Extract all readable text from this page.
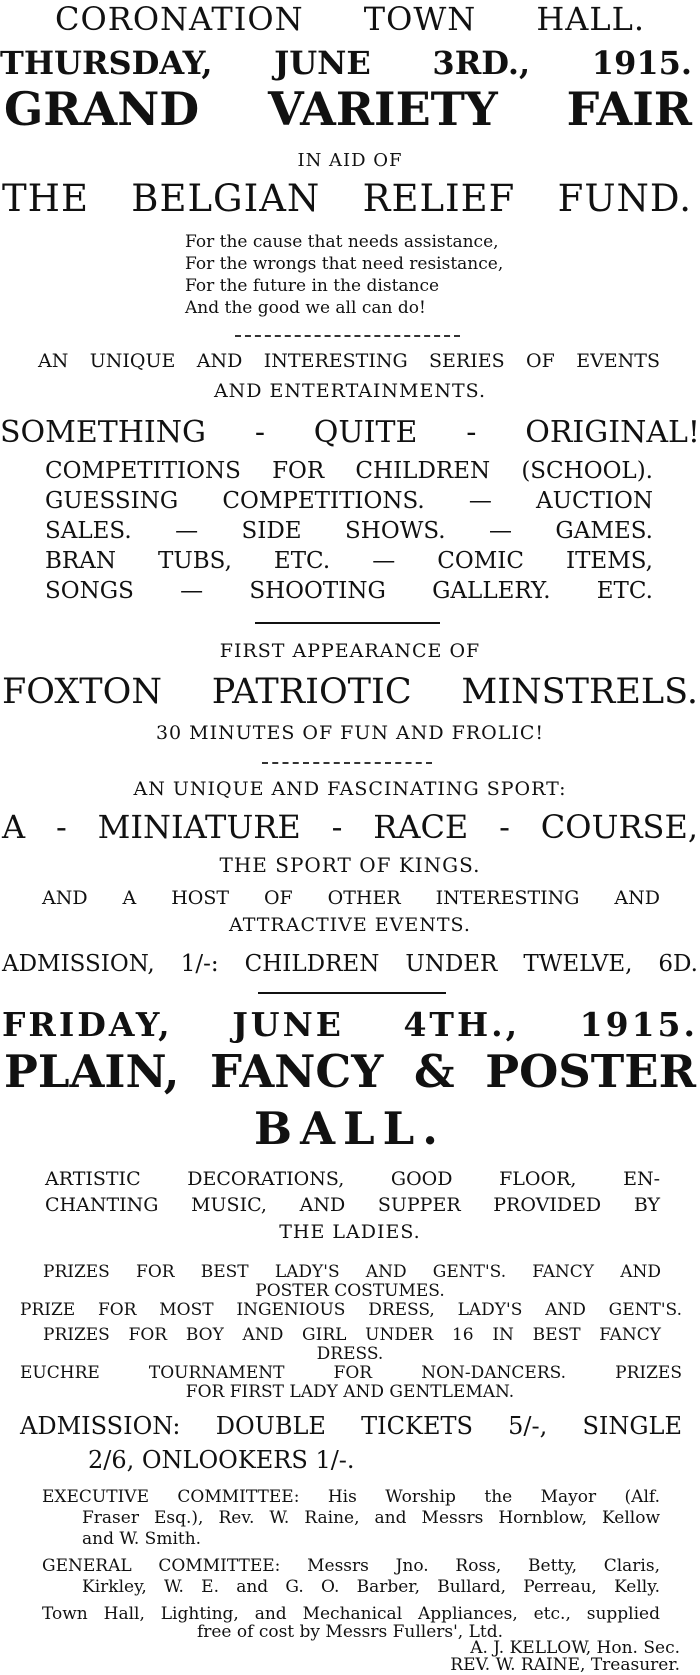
CORONATION TOWN HALL.

THURSDAY, JUNE 3RD., 1915.

GRAND VARIETY FAIR

IN AID OF

THE BELGIAN RELIEF FUND.

For the cause that needs assistance,

For the wrongs that need resistance,

For the future in the distance

And the good we all can do!

AN UNIQUE AND INTERESTING SERIES OF EVENTS

AND ENTERTAINMENTS.

SOMETHING - QUITE - ORIGINAL!

COMPETITIONS FOR CHILDREN (SCHOOL).

GUESSING COMPETITIONS. — AUCTION

SALES. — SIDE SHOWS. — GAMES.

BRAN TUBS, ETC. — COMIC ITEMS,

SONGS — SHOOTING GALLERY. ETC.

FIRST APPEARANCE OF

FOXTON PATRIOTIC MINSTRELS.

30 MINUTES OF FUN AND FROLIC!

AN UNIQUE AND FASCINATING SPORT:

A - MINIATURE - RACE - COURSE,

THE SPORT OF KINGS.

AND A HOST OF OTHER INTERESTING AND

ATTRACTIVE EVENTS.

ADMISSION, 1/-: CHILDREN UNDER TWELVE, 6D.

FRIDAY, JUNE 4TH., 1915.

PLAIN, FANCY & POSTER

BALL.

ARTISTIC DECORATIONS, GOOD FLOOR, EN-

CHANTING MUSIC, AND SUPPER PROVIDED BY

THE LADIES.

PRIZES FOR BEST LADY'S AND GENT'S. FANCY AND

POSTER COSTUMES.

PRIZE FOR MOST INGENIOUS DRESS, LADY'S AND GENT'S.

PRIZES FOR BOY AND GIRL UNDER 16 IN BEST FANCY

DRESS.

EUCHRE TOURNAMENT FOR NON-DANCERS. PRIZES

FOR FIRST LADY AND GENTLEMAN.

ADMISSION: DOUBLE TICKETS 5/-, SINGLE

2/6, ONLOOKERS 1/-.

EXECUTIVE COMMITTEE: His Worship the Mayor (Alf.

Fraser Esq.), Rev. W. Raine, and Messrs Hornblow, Kellow

and W. Smith.

GENERAL COMMITTEE: Messrs Jno. Ross, Betty, Claris,

Kirkley, W. E. and G. O. Barber, Bullard, Perreau, Kelly.

Town Hall, Lighting, and Mechanical Appliances, etc., supplied

free of cost by Messrs Fullers', Ltd.

A. J. KELLOW, Hon. Sec.

REV. W. RAINE, Treasurer.
